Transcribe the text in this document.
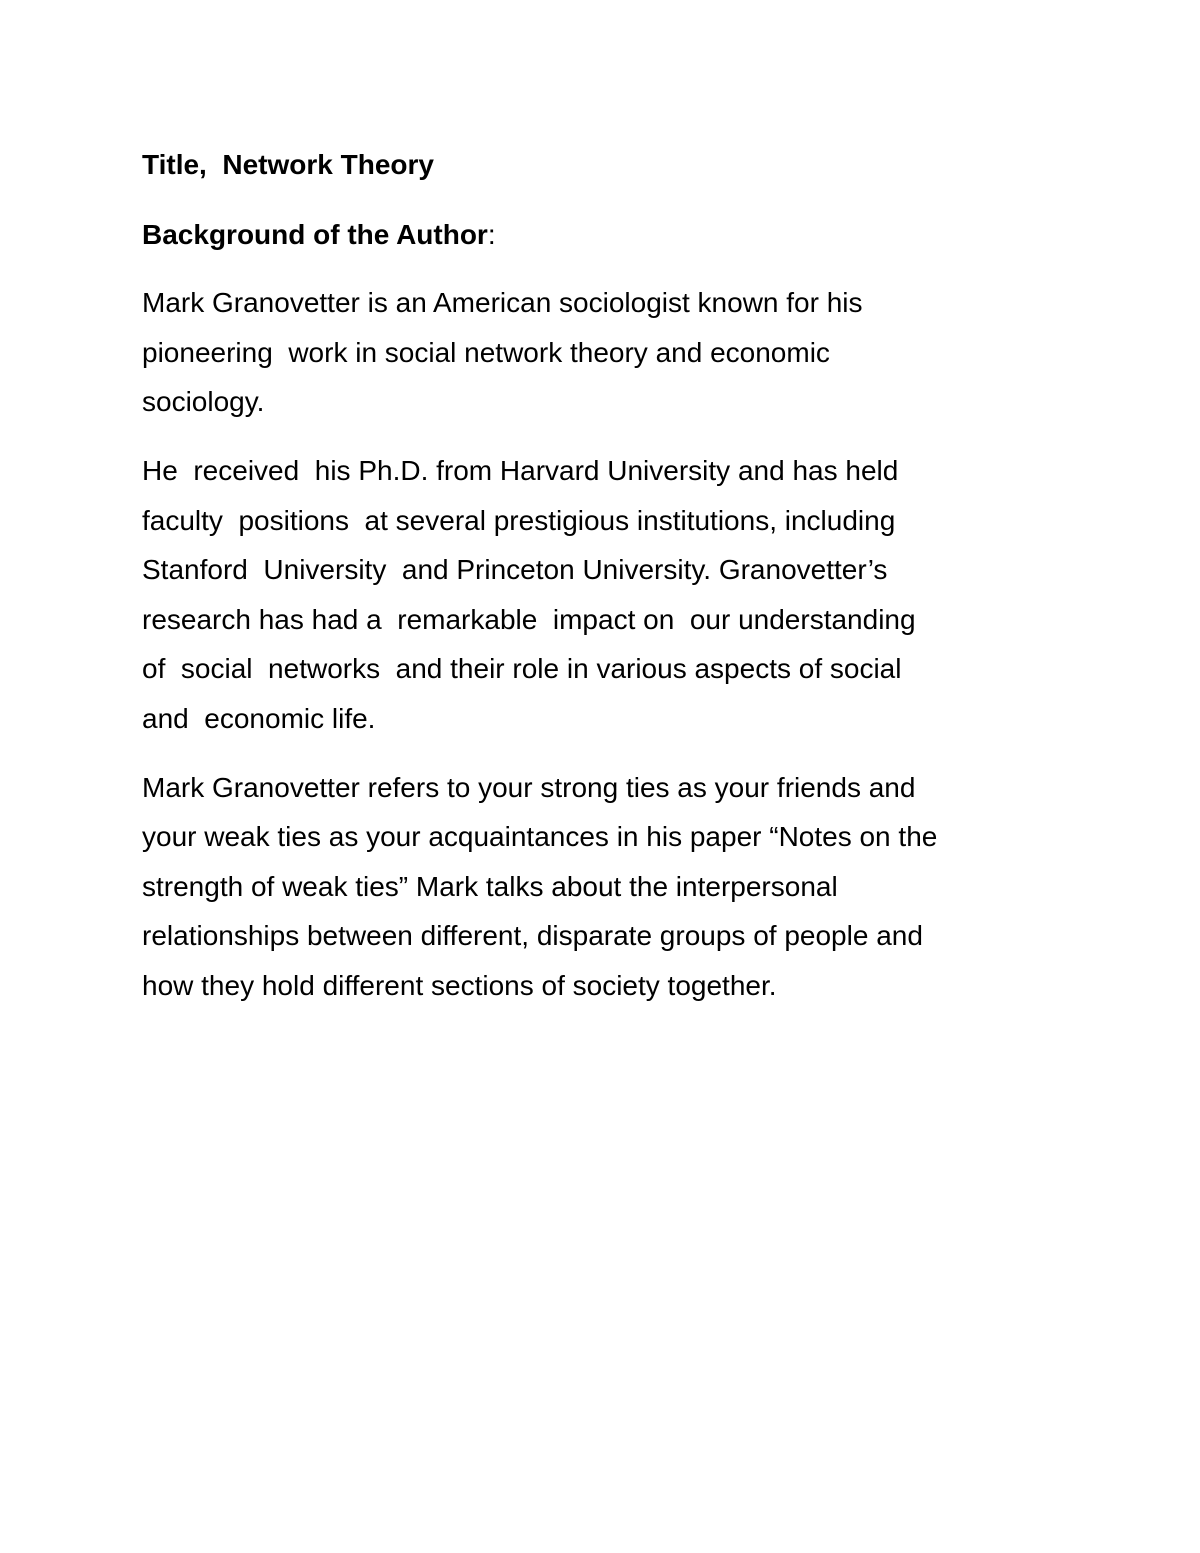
Title,  Network Theory
Background of the Author:
Mark Granovetter is an American sociologist known for his
pioneering  work in social network theory and economic
sociology.
He  received  his Ph.D. from Harvard University and has held
faculty  positions  at several prestigious institutions, including
Stanford  University  and Princeton University. Granovetter’s
research has had a  remarkable  impact on  our understanding
of  social  networks  and their role in various aspects of social
and  economic life.
Mark Granovetter refers to your strong ties as your friends and
your weak ties as your acquaintances in his paper “Notes on the
strength of weak ties” Mark talks about the interpersonal
relationships between different, disparate groups of people and
how they hold different sections of society together.
